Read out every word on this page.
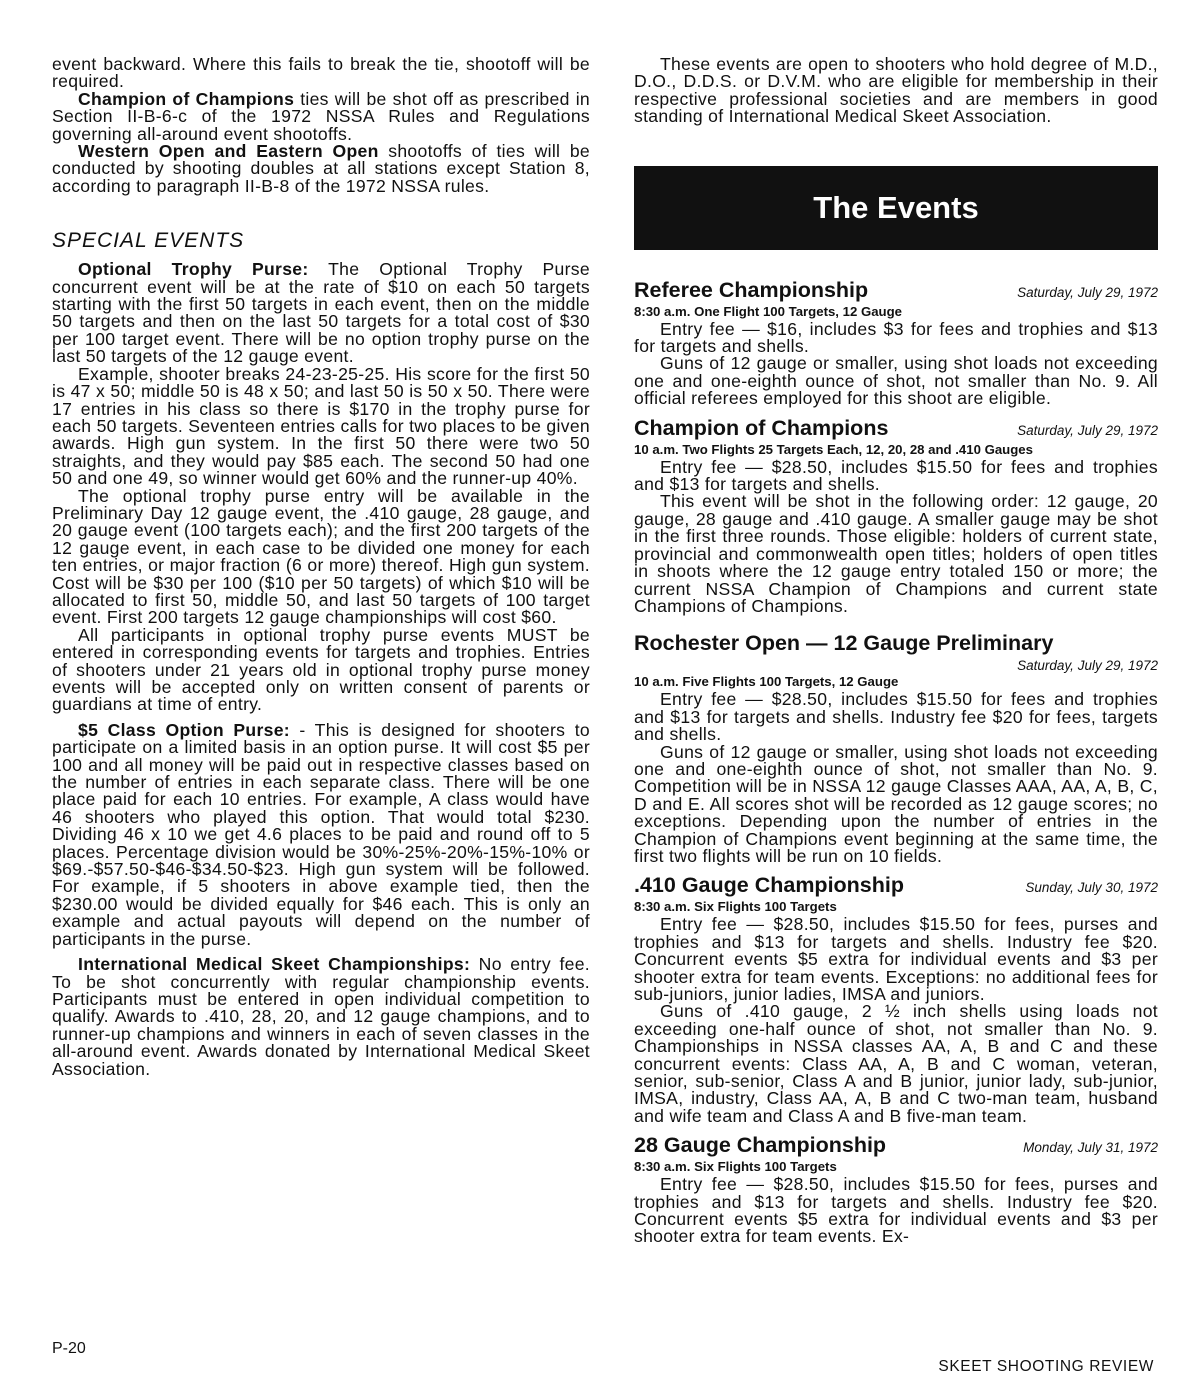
event backward. Where this fails to break the tie, shootoff will be required.

Champion of Champions ties will be shot off as prescribed in Section II-B-6-c of the 1972 NSSA Rules and Regulations governing all-around event shootoffs.

Western Open and Eastern Open shootoffs of ties will be conducted by shooting doubles at all stations except Station 8, according to paragraph II-B-8 of the 1972 NSSA rules.

SPECIAL EVENTS

Optional Trophy Purse: The Optional Trophy Purse concurrent event will be at the rate of $10 on each 50 targets starting with the first 50 targets in each event, then on the middle 50 targets and then on the last 50 targets for a total cost of $30 per 100 target event. There will be no option trophy purse on the last 50 targets of the 12 gauge event.

Example, shooter breaks 24-23-25-25. His score for the first 50 is 47 x 50; middle 50 is 48 x 50; and last 50 is 50 x 50. There were 17 entries in his class so there is $170 in the trophy purse for each 50 targets. Seventeen entries calls for two places to be given awards. High gun system. In the first 50 there were two 50 straights, and they would pay $85 each. The second 50 had one 50 and one 49, so winner would get 60% and the runner-up 40%.

The optional trophy purse entry will be available in the Preliminary Day 12 gauge event, the .410 gauge, 28 gauge, and 20 gauge event (100 targets each); and the first 200 targets of the 12 gauge event, in each case to be divided one money for each ten entries, or major fraction (6 or more) thereof. High gun system. Cost will be $30 per 100 ($10 per 50 targets) of which $10 will be allocated to first 50, middle 50, and last 50 targets of 100 target event. First 200 targets 12 gauge championships will cost $60.

All participants in optional trophy purse events MUST be entered in corresponding events for targets and trophies. Entries of shooters under 21 years old in optional trophy purse money events will be accepted only on written consent of parents or guardians at time of entry.

$5 Class Option Purse: - This is designed for shooters to participate on a limited basis in an option purse. It will cost $5 per 100 and all money will be paid out in respective classes based on the number of entries in each separate class. There will be one place paid for each 10 entries. For example, A class would have 46 shooters who played this option. That would total $230. Dividing 46 x 10 we get 4.6 places to be paid and round off to 5 places. Percentage division would be 30%-25%-20%-15%-10% or $69.-$57.50-$46-$34.50-$23. High gun system will be followed. For example, if 5 shooters in above example tied, then the $230.00 would be divided equally for $46 each. This is only an example and actual payouts will depend on the number of participants in the purse.

International Medical Skeet Championships: No entry fee. To be shot concurrently with regular championship events. Participants must be entered in open individual competition to qualify. Awards to .410, 28, 20, and 12 gauge champions, and to runner-up champions and winners in each of seven classes in the all-around event. Awards donated by International Medical Skeet Association.

These events are open to shooters who hold degree of M.D., D.O., D.D.S. or D.V.M. who are eligible for membership in their respective professional societies and are members in good standing of International Medical Skeet Association.

The Events
Referee Championship	Saturday, July 29, 1972
8:30 a.m. One Flight 100 Targets, 12 Gauge

Entry fee — $16, includes $3 for fees and trophies and $13 for targets and shells.

Guns of 12 gauge or smaller, using shot loads not exceeding one and one-eighth ounce of shot, not smaller than No. 9. All official referees employed for this shoot are eligible.

Champion of Champions	Saturday, July 29, 1972
10 a.m. Two Flights 25 Targets Each, 12, 20, 28 and .410 Gauges

Entry fee — $28.50, includes $15.50 for fees and trophies and $13 for targets and shells.

This event will be shot in the following order: 12 gauge, 20 gauge, 28 gauge and .410 gauge. A smaller gauge may be shot in the first three rounds. Those eligible: holders of current state, provincial and commonwealth open titles; holders of open titles in shoots where the 12 gauge entry totaled 150 or more; the current NSSA Champion of Champions and current state Champions of Champions.

Rochester Open — 12 Gauge Preliminary
Saturday, July 29, 1972
10 a.m. Five Flights 100 Targets, 12 Gauge

Entry fee — $28.50, includes $15.50 for fees and trophies and $13 for targets and shells. Industry fee $20 for fees, targets and shells.

Guns of 12 gauge or smaller, using shot loads not exceeding one and one-eighth ounce of shot, not smaller than No. 9. Competition will be in NSSA 12 gauge Classes AAA, AA, A, B, C, D and E. All scores shot will be recorded as 12 gauge scores; no exceptions. Depending upon the number of entries in the Champion of Champions event beginning at the same time, the first two flights will be run on 10 fields.

.410 Gauge Championship	Sunday, July 30, 1972
8:30 a.m. Six Flights 100 Targets

Entry fee — $28.50, includes $15.50 for fees, purses and trophies and $13 for targets and shells. Industry fee $20. Concurrent events $5 extra for individual events and $3 per shooter extra for team events. Exceptions: no additional fees for sub-juniors, junior ladies, IMSA and juniors.

Guns of .410 gauge, 2 ½ inch shells using loads not exceeding one-half ounce of shot, not smaller than No. 9. Championships in NSSA classes AA, A, B and C and these concurrent events: Class AA, A, B and C woman, veteran, senior, sub-senior, Class A and B junior, junior lady, sub-junior, IMSA, industry, Class AA, A, B and C two-man team, husband and wife team and Class A and B five-man team.

28 Gauge Championship	Monday, July 31, 1972
8:30 a.m. Six Flights 100 Targets

Entry fee — $28.50, includes $15.50 for fees, purses and trophies and $13 for targets and shells. Industry fee $20. Concurrent events $5 extra for individual events and $3 per shooter extra for team events. Ex-

P-20
SKEET SHOOTING REVIEW
